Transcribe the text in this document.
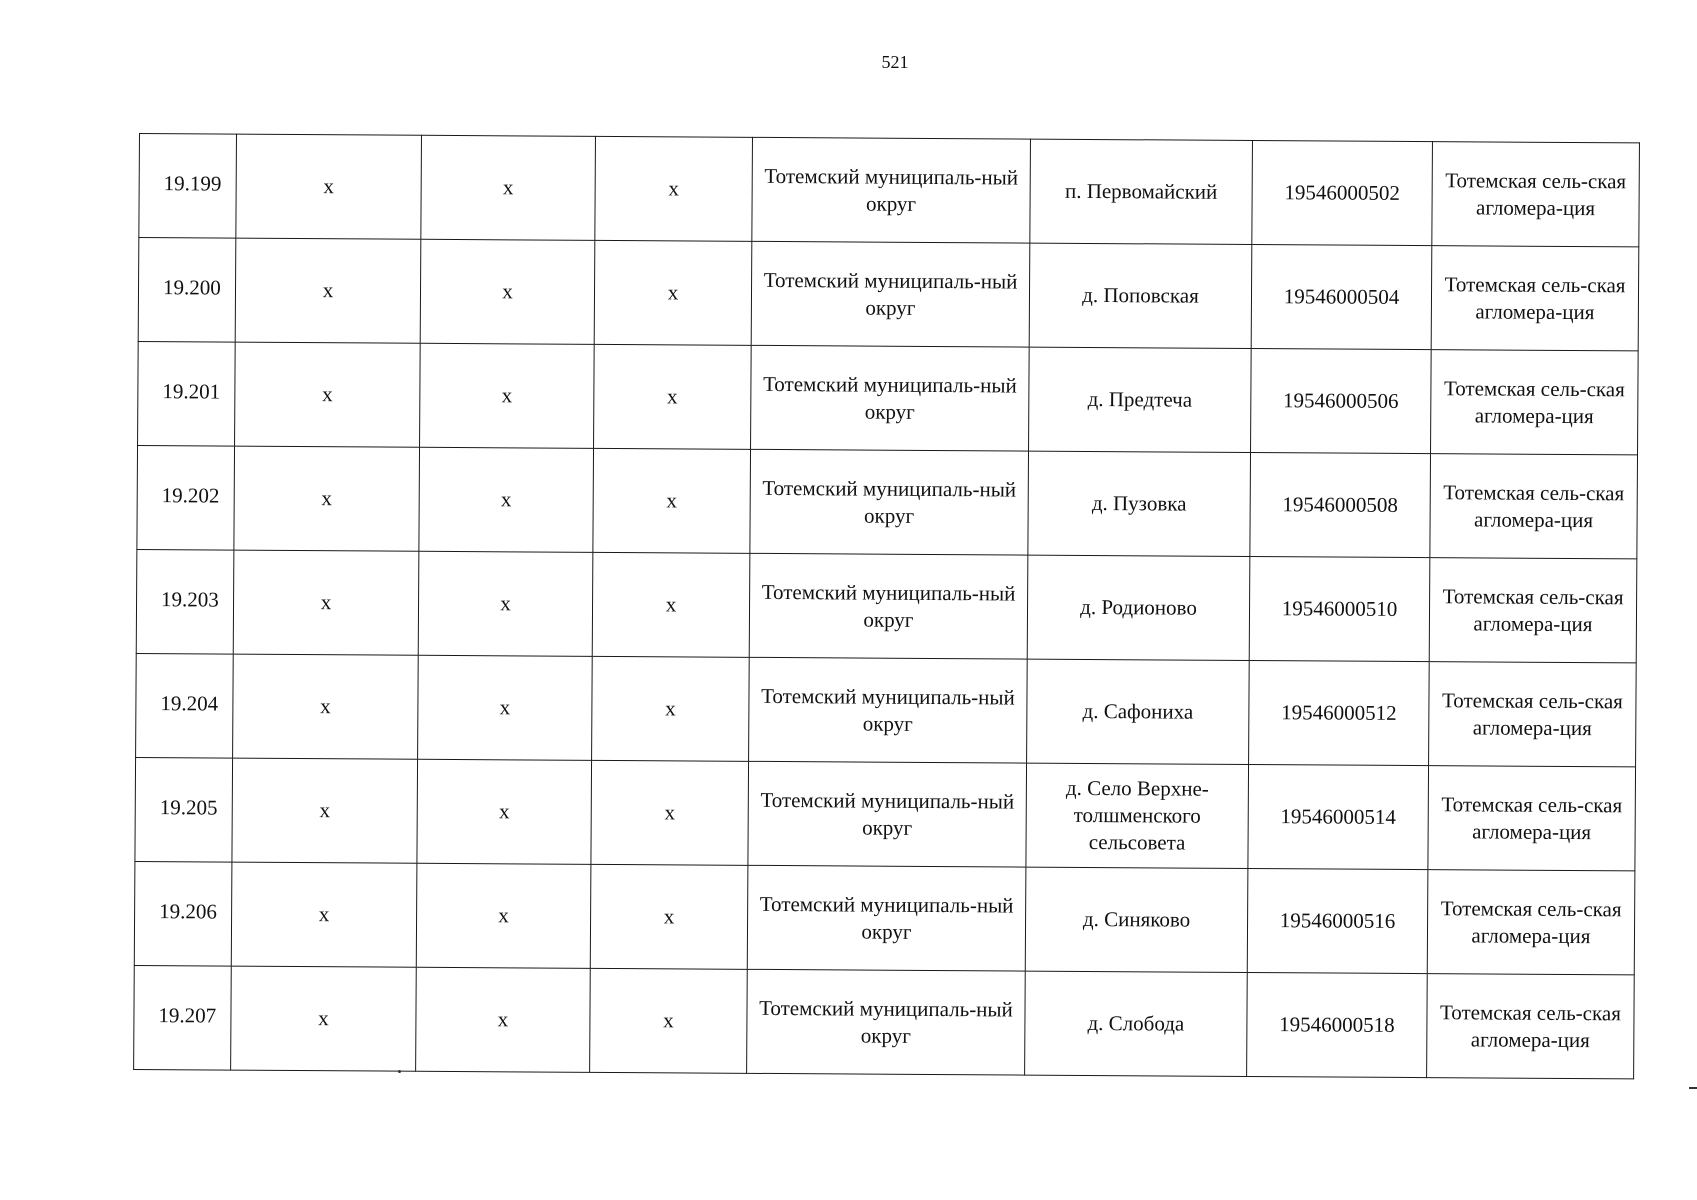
521
19.199	x	x	x	Тотемский муниципаль-ный округ	п. Первомайский	19546000502	Тотемская сель-ская агломера-ция
19.200	x	x	x	Тотемский муниципаль-ный округ	д. Поповская	19546000504	Тотемская сель-ская агломера-ция
19.201	x	x	x	Тотемский муниципаль-ный округ	д. Предтеча	19546000506	Тотемская сель-ская агломера-ция
19.202	x	x	x	Тотемский муниципаль-ный округ	д. Пузовка	19546000508	Тотемская сель-ская агломера-ция
19.203	x	x	x	Тотемский муниципаль-ный округ	д. Родионово	19546000510	Тотемская сель-ская агломера-ция
19.204	x	x	x	Тотемский муниципаль-ный округ	д. Сафониха	19546000512	Тотемская сель-ская агломера-ция
19.205	x	x	x	Тотемский муниципаль-ный округ	д. Село Верхне-толшменского сельсовета	19546000514	Тотемская сель-ская агломера-ция
19.206	x	x	x	Тотемский муниципаль-ный округ	д. Синяково	19546000516	Тотемская сель-ская агломера-ция
19.207	x	x	x	Тотемский муниципаль-ный округ	д. Слобода	19546000518	Тотемская сель-ская агломера-ция
